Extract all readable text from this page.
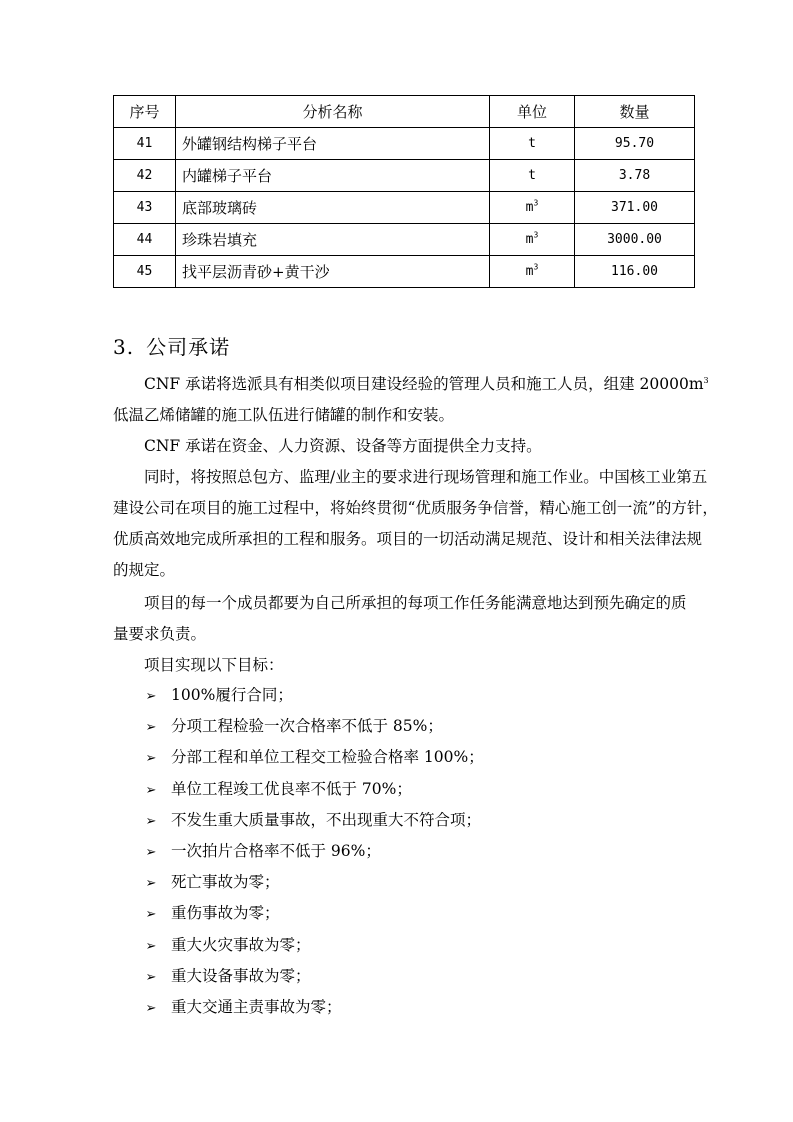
序号	分析名称	单位	数量
41	外罐钢结构梯子平台	t	95.70
42	内罐梯子平台	t	3.78
43	底部玻璃砖	$m^3$	371.00
44	珍珠岩填充	$m^3$	3000.00
45	找平层沥青砂+黄干沙	$m^3$	116.00
3. 公司承诺
CNF 承诺将选派具有相类似项目建设经验的管理人员和施工人员，组建 $20000m^3$
低温乙烯储罐的施工队伍进行储罐的制作和安装。
CNF 承诺在资金、人力资源、设备等方面提供全力支持。
同时，将按照总包方、监理/业主的要求进行现场管理和施工作业。中国核工业第五
建设公司在项目的施工过程中，将始终贯彻“优质服务争信誉，精心施工创一流”的方针，
优质高效地完成所承担的工程和服务。项目的一切活动满足规范、设计和相关法律法规
的规定。
项目的每一个成员都要为自己所承担的每项工作任务能满意地达到预先确定的质
量要求负责。
项目实现以下目标：
➢ 100%履行合同；
➢ 分项工程检验一次合格率不低于 85%；
➢ 分部工程和单位工程交工检验合格率 100%；
➢ 单位工程竣工优良率不低于 70%；
➢ 不发生重大质量事故，不出现重大不符合项；
➢ 一次拍片合格率不低于 96%；
➢ 死亡事故为零；
➢ 重伤事故为零；
➢ 重大火灾事故为零；
➢ 重大设备事故为零；
➢ 重大交通主责事故为零；
